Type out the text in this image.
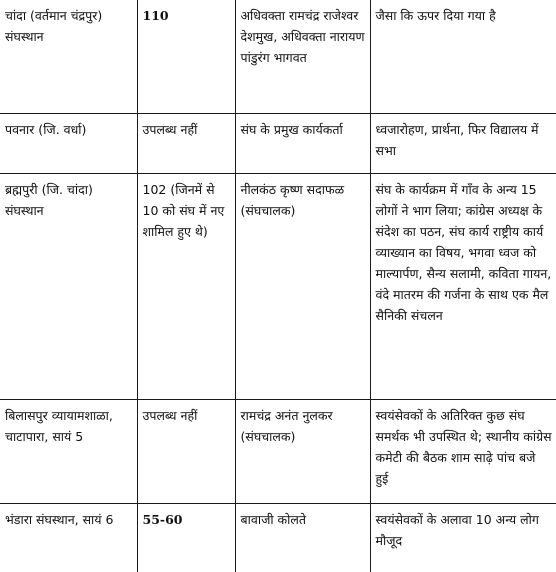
चांदा (वर्तमान चंद्रपुर) संघस्थान	110	अधिवक्ता रामचंद्र राजेश्वर देशमुख, अधिवक्ता नारायण पांडुरंग भागवत	जैसा कि ऊपर दिया गया है

पवनार (जि. वर्धा)	उपलब्ध नहीं	संघ के प्रमुख कार्यकर्ता	ध्वजारोहण, प्रार्थना, फिर विद्यालय में सभा

ब्रह्मपुरी (जि. चांदा) संघस्थान	102 (जिनमें से 10 को संघ में नए शामिल हुए थे)	नीलकंठ कृष्ण सदाफळ (संघचालक)	संघ के कार्यक्रम में गाँव के अन्य 15 लोगों ने भाग लिया; कांग्रेस अध्यक्ष के संदेश का पठन, संघ कार्य राष्ट्रीय कार्य व्याख्यान का विषय, भगवा ध्वज को माल्यार्पण, सैन्य सलामी, कविता गायन, वंदे मातरम की गर्जना के साथ एक मैल सैनिकी संचलन

बिलासपुर व्यायामशाळा, चाटापारा, सायं 5	उपलब्ध नहीं	रामचंद्र अनंत नुलकर (संघचालक)	स्वयंसेवकों के अतिरिक्त कुछ संघ समर्थक भी उपस्थित थे; स्थानीय कांग्रेस कमेटी की बैठक शाम साढ़े पांच बजे हुई

भंडारा संघस्थान, सायं 6	55-60	बावाजी कोलते	स्वयंसेवकों के अलावा 10 अन्य लोग मौजूद
